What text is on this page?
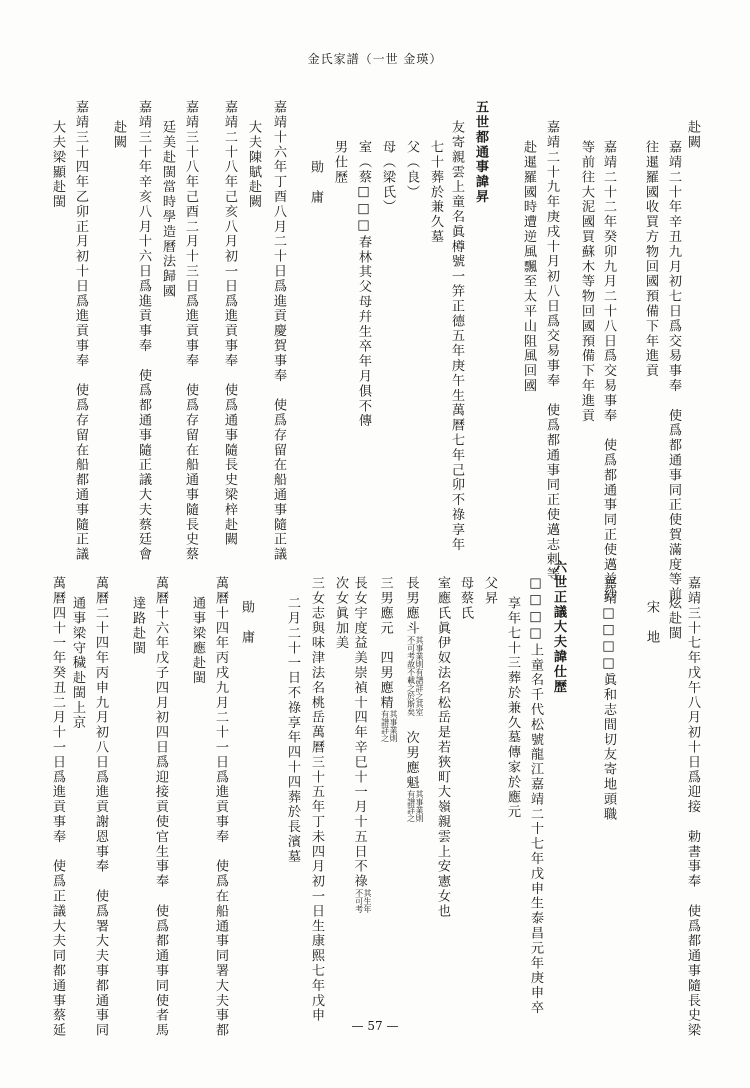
金氏家譜（一世 金瑛）
赴闕
嘉靖二十年辛丑九月初七日爲交易事奉　使爲都通事同正使賀滿度等前
往暹羅國收買方物回國預備下年進貢
嘉靖二十二年癸卯九月二十八日爲交易事奉　使爲都通事同正使邁益紗
等前往大泥國買蘇木等物回國預備下年進貢
嘉靖二十九年庚戌十月初八日爲交易事奉　使爲都通事同正使邁志剌等
赴暹羅國時遭逆風飄至太平山阻風回國
五世都通事諱昇
友寄親雲上童名眞樽號一笄正德五年庚午生萬曆七年己卯不祿享年
七十葬於兼久墓
父（良）
母（梁氏）
室（蔡□□□春林其父母幷生卒年月俱不傳
男仕歷
勛　庸
嘉靖十六年丁酉八月二十日爲進貢慶賀事奉　使爲存留在船通事隨正議
大夫陳賦赴闕
嘉靖二十八年己亥八月初一日爲進貢事奉　使爲通事隨長史梁梓赴闕
嘉靖三十八年己酉二月十三日爲進貢事奉　使爲存留在船通事隨長史蔡
廷美赴閩當時學造曆法歸國
嘉靖三十年辛亥八月十六日爲進貢事奉　使爲都通事隨正議大夫蔡廷會
赴闕
嘉靖三十四年乙卯正月初十日爲進貢事奉　使爲存留在船都通事隨正議
大夫梁顯赴閩
嘉靖三十七年戊午八月初十日爲迎接　勅書事奉　使爲都通事隨長史梁
炫赴閩
宋　地
嘉靖□□□□眞和志間切友寄地頭職
六世正議大夫諱仕歷
□□□□上童名千代松號龍江嘉靖二十七年戊申生泰昌元年庚申卒
享年七十三葬於兼久墓傳家於應元
父昇
母蔡氏
室應氏眞伊奴法名松岳是若狹町大嶺親雲上安憲女也
長男應斗其事業則有譜詳之其室
不可考故不載之於斯矣　次男應魁其事業則
有譜詳之
三男應元　四男應精其事業則
有譜詳之
長女宇度益美崇禎十四年辛巳十一月十五日不祿其生年
不可考
次女眞加美
三女志與味津法名桃岳萬曆三十五年丁未四月初一日生康熙七年戊申
二月二十一日不祿享年四十四葬於長濱墓
勛　庸
萬曆十四年丙戌九月二十一日爲進貢事奉　使爲在船通事同署大夫事都
通事梁應赴閩
萬曆十六年戊子四月初四日爲迎接貢使官生事奉　使爲都通事同使者馬
達路赴閩
萬曆二十四年丙申九月初八日爲進貢謝恩事奉　使爲署大夫事都通事同
通事梁守穢赴閩上京
萬曆四十一年癸丑二月十一日爲進貢事奉　使爲正議大夫同都通事蔡延	— 57 —
